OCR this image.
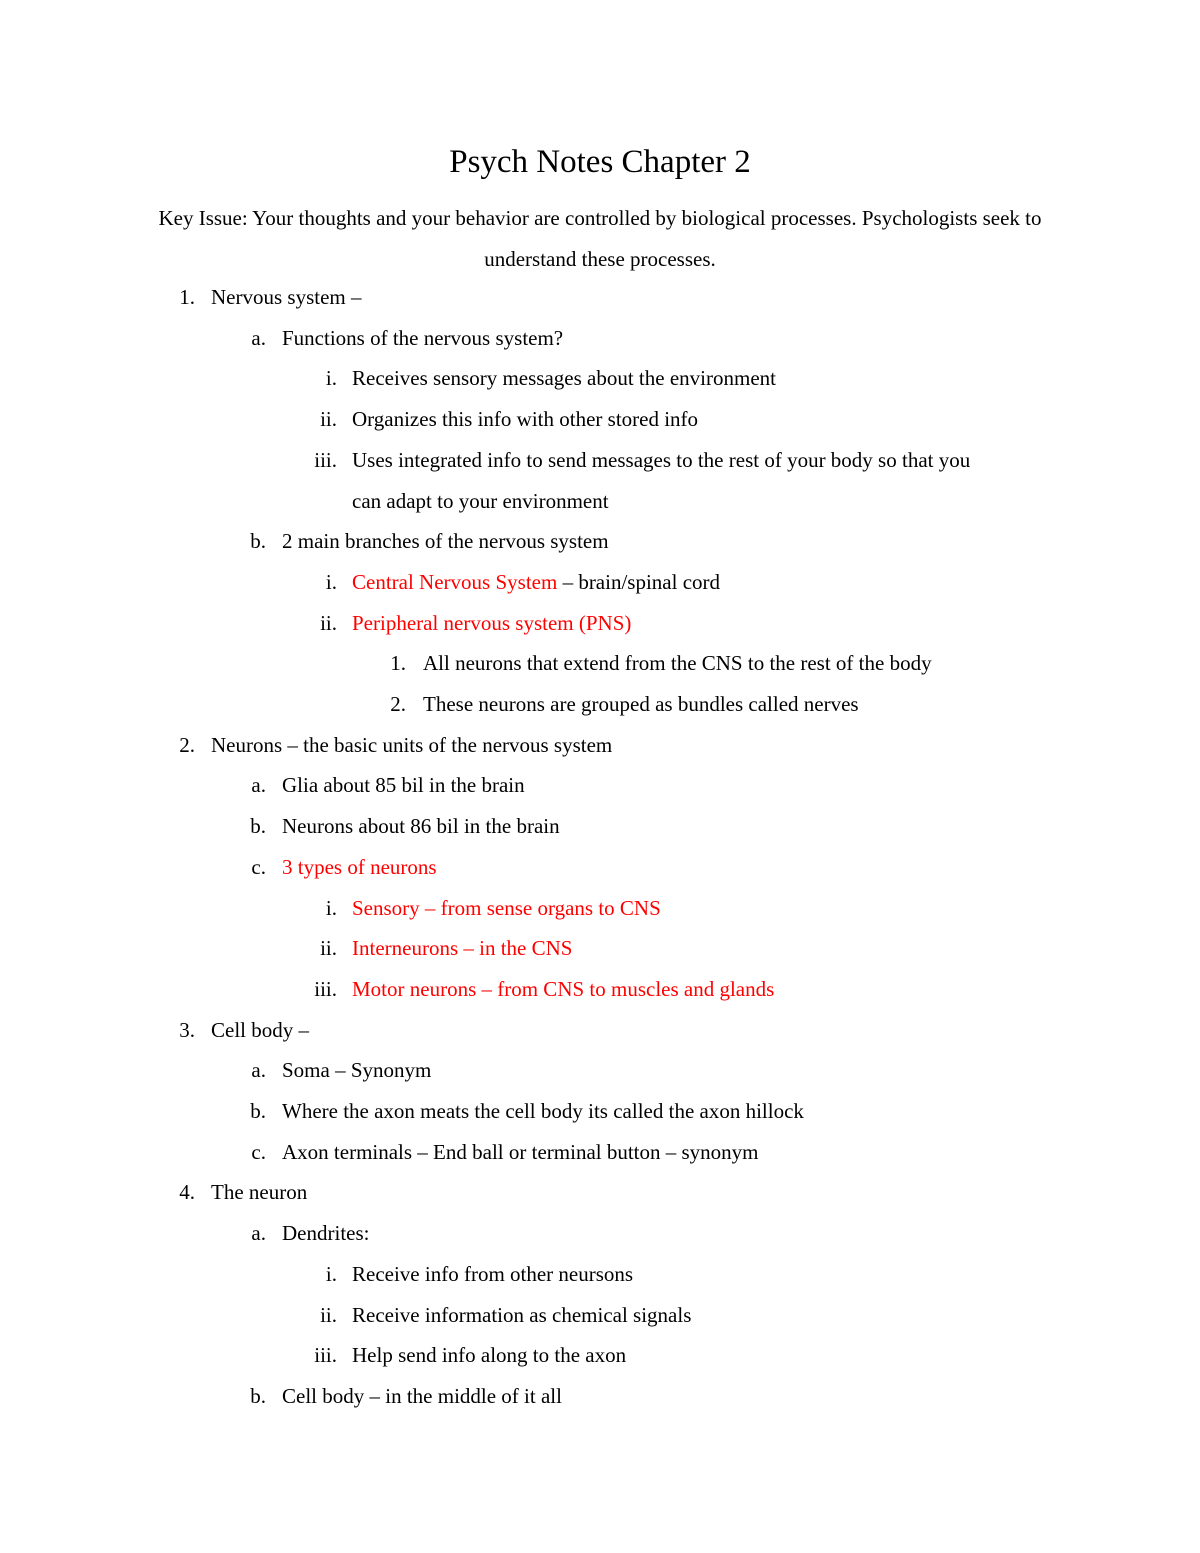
Psych Notes Chapter 2
Key Issue: Your thoughts and your behavior are controlled by biological processes. Psychologists seek to understand these processes.
1. Nervous system –
a. Functions of the nervous system?
i. Receives sensory messages about the environment
ii. Organizes this info with other stored info
iii. Uses integrated info to send messages to the rest of your body so that you
can adapt to your environment
b. 2 main branches of the nervous system
i. Central Nervous System – brain/spinal cord
ii. Peripheral nervous system (PNS)
1. All neurons that extend from the CNS to the rest of the body
2. These neurons are grouped as bundles called nerves
2. Neurons – the basic units of the nervous system
a. Glia about 85 bil in the brain
b. Neurons about 86 bil in the brain
c. 3 types of neurons
i. Sensory – from sense organs to CNS
ii. Interneurons – in the CNS
iii. Motor neurons – from CNS to muscles and glands
3. Cell body –
a. Soma – Synonym
b. Where the axon meats the cell body its called the axon hillock
c. Axon terminals – End ball or terminal button – synonym
4. The neuron
a. Dendrites:
i. Receive info from other neursons
ii. Receive information as chemical signals
iii. Help send info along to the axon
b. Cell body – in the middle of it all
